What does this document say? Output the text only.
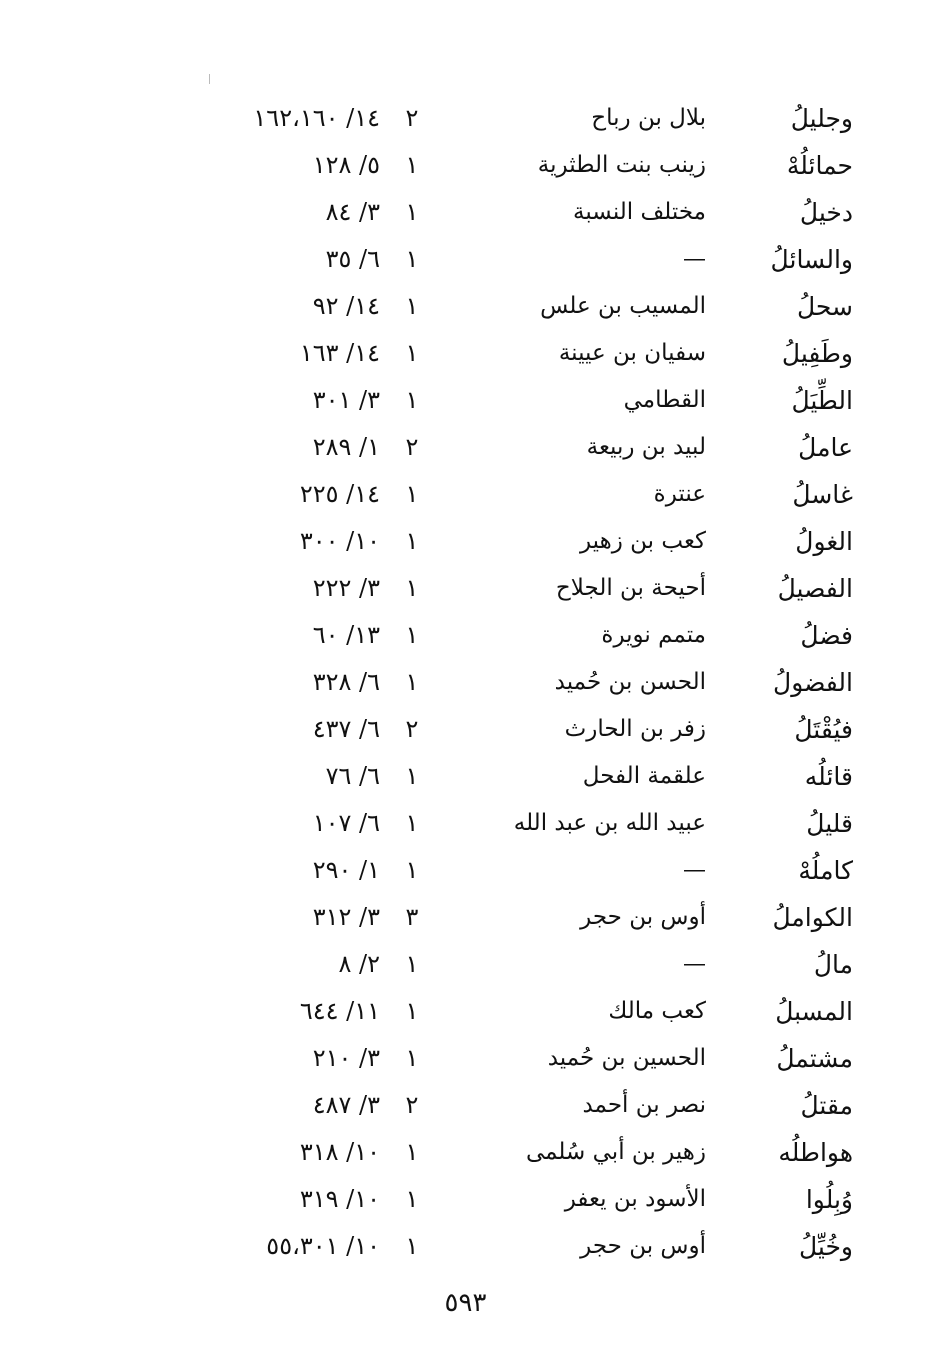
وجليلُ
بلال بن رباح
٢
١٤/ ١٦٢،١٦٠
حمائلُهْ
زينب بنت الطثرية
١
٥/ ١٢٨
دخيلُ
مختلف النسبة
١
٣/ ٨٤
والسائلُ
—
١
٦/ ٣٥
سحلُ
المسيب بن علس
١
١٤/ ٩٢
وطَفِيلُ
سفيان بن عيينة
١
١٤/ ١٦٣
الطِّيَلُ
القطامي
١
٣/ ٣٠١
عاملُ
لبيد بن ربيعة
٢
١/ ٢٨٩
غاسلُ
عنترة
١
١٤/ ٢٢٥
الغولُ
كعب بن زهير
١
١٠/ ٣٠٠
الفصيلُ
أحيحة بن الجلاح
١
٣/ ٢٢٢
فضلُ
متمم نويرة
١
١٣/ ٦٠
الفضولُ
الحسن بن حُميد
١
٦/ ٣٢٨
فيُقْتَلُ
زفر بن الحارث
٢
٦/ ٤٣٧
قائلُه
علقمة الفحل
١
٦/ ٧٦
قليلُ
عبيد الله بن عبد الله
١
٦/ ١٠٧
كاملُهْ
—
١
١/ ٢٩٠
الكواملُ
أوس بن حجر
٣
٣/ ٣١٢
مالُ
—
١
٢/ ٨
المسبلُ
كعب مالك
١
١١/ ٦٤٤
مشتملُ
الحسين بن حُميد
١
٣/ ٢١٠
مقتلُ
نصر بن أحمد
٢
٣/ ٤٨٧
هواطلُه
زهير بن أبي سُلمى
١
١٠/ ٣١٨
وُبِلُوا
الأسود بن يعفر
١
١٠/ ٣١٩
وخُيِّلُ
أوس بن حجر
١
١٠/ ٥٥،٣٠١
٥٩٣
